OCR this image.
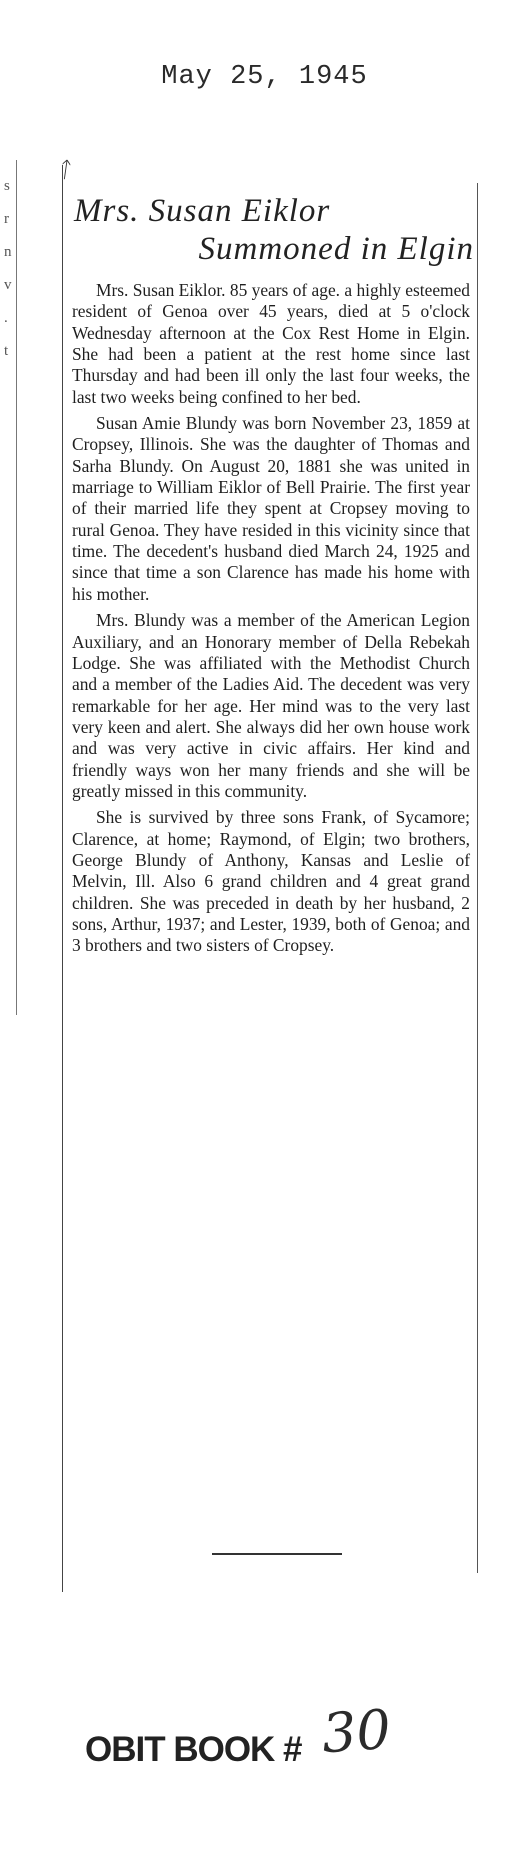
May 25, 1945
s
r
n
v
.
t
ᛏ
Mrs. Susan Eiklor
Summoned in Elgin

Mrs. Susan Eiklor. 85 years of age. a highly esteemed resident of Genoa over 45 years, died at 5 o'clock Wednesday afternoon at the Cox Rest Home in Elgin. She had been a patient at the rest home since last Thursday and had been ill only the last four weeks, the last two weeks being confined to her bed.

Susan Amie Blundy was born November 23, 1859 at Cropsey, Illinois. She was the daughter of Thomas and Sarha Blundy. On August 20, 1881 she was united in marriage to William Eiklor of Bell Prairie. The first year of their married life they spent at Cropsey moving to rural Genoa. They have resided in this vicinity since that time. The decedent's husband died March 24, 1925 and since that time a son Clarence has made his home with his mother.

Mrs. Blundy was a member of the American Legion Auxiliary, and an Honorary member of Della Rebekah Lodge. She was affiliated with the Methodist Church and a member of the Ladies Aid. The decedent was very remarkable for her age. Her mind was to the very last very keen and alert. She always did her own house work and was very active in civic affairs. Her kind and friendly ways won her many friends and she will be greatly missed in this community.

She is survived by three sons Frank, of Sycamore; Clarence, at home; Raymond, of Elgin; two brothers, George Blundy of Anthony, Kansas and Leslie of Melvin, Ill. Also 6 grand children and 4 great grand children. She was preceded in death by her husband, 2 sons, Arthur, 1937; and Lester, 1939, both of Genoa; and 3 brothers and two sisters of Cropsey.

OBIT BOOK # 30
